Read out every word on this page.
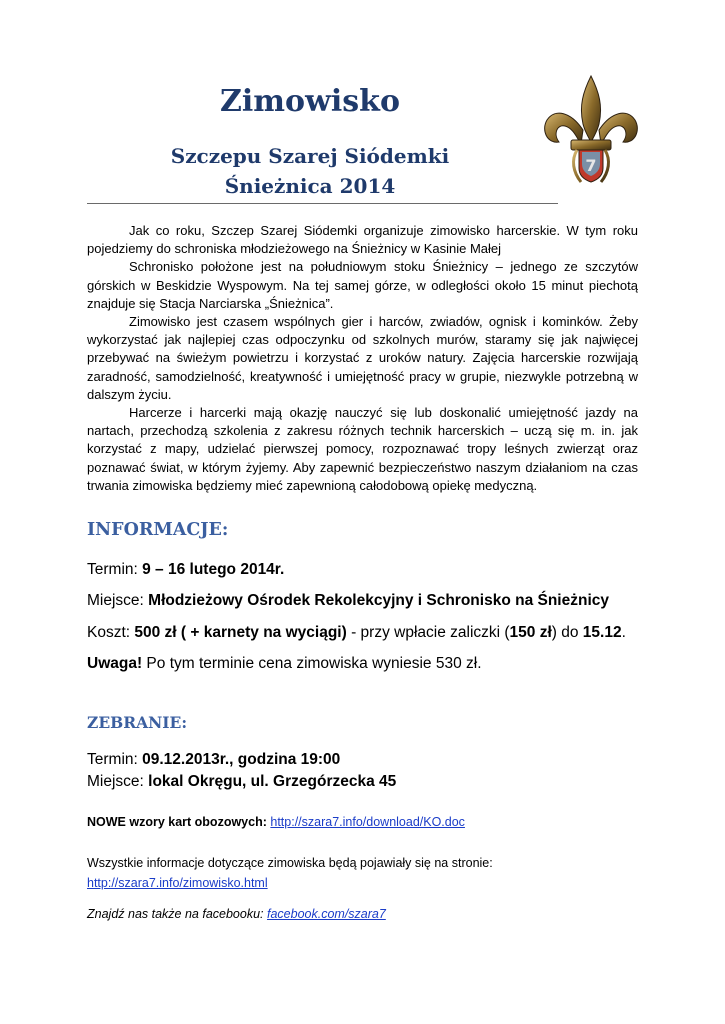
Zimowisko
Szczepu Szarej Siódemki
Śnieżnica 2014
7

Jak co roku, Szczep Szarej Siódemki organizuje zimowisko harcerskie. W tym roku pojedziemy do schroniska młodzieżowego na Śnieżnicy w Kasinie Małej

Schronisko położone jest na południowym stoku Śnieżnicy – jednego ze szczytów górskich w Beskidzie Wyspowym. Na tej samej górze, w odległości około 15 minut piechotą znajduje się Stacja Narciarska „Śnieżnica”.

Zimowisko jest czasem wspólnych gier i harców, zwiadów, ognisk i kominków. Żeby wykorzystać jak najlepiej czas odpoczynku od szkolnych murów, staramy się jak najwięcej przebywać na świeżym powietrzu i korzystać z uroków natury. Zajęcia harcerskie rozwijają zaradność, samodzielność, kreatywność i umiejętność pracy w grupie, niezwykle potrzebną w dalszym życiu.

Harcerze i harcerki mają okazję nauczyć się lub doskonalić umiejętność jazdy na nartach, przechodzą szkolenia z zakresu różnych technik harcerskich – uczą się m. in. jak korzystać z mapy, udzielać pierwszej pomocy, rozpoznawać tropy leśnych zwierząt oraz poznawać świat, w którym żyjemy. Aby zapewnić bezpieczeństwo naszym działaniom na czas trwania zimowiska będziemy mieć zapewnioną całodobową opiekę medyczną.

INFORMACJE:

Termin: 9 – 16 lutego 2014r.

Miejsce: Młodzieżowy Ośrodek Rekolekcyjny i Schronisko na Śnieżnicy

Koszt: 500 zł ( + karnety na wyciągi) - przy wpłacie zaliczki (150 zł) do 15.12.

Uwaga! Po tym terminie cena zimowiska wyniesie 530 zł.

ZEBRANIE:

Termin: 09.12.2013r., godzina 19:00

Miejsce: lokal Okręgu, ul. Grzegórzecka 45

NOWE wzory kart obozowych: http://szara7.info/download/KO.doc

Wszystkie informacje dotyczące zimowiska będą pojawiały się na stronie:

http://szara7.info/zimowisko.html

Znajdź nas także na facebooku: facebook.com/szara7
